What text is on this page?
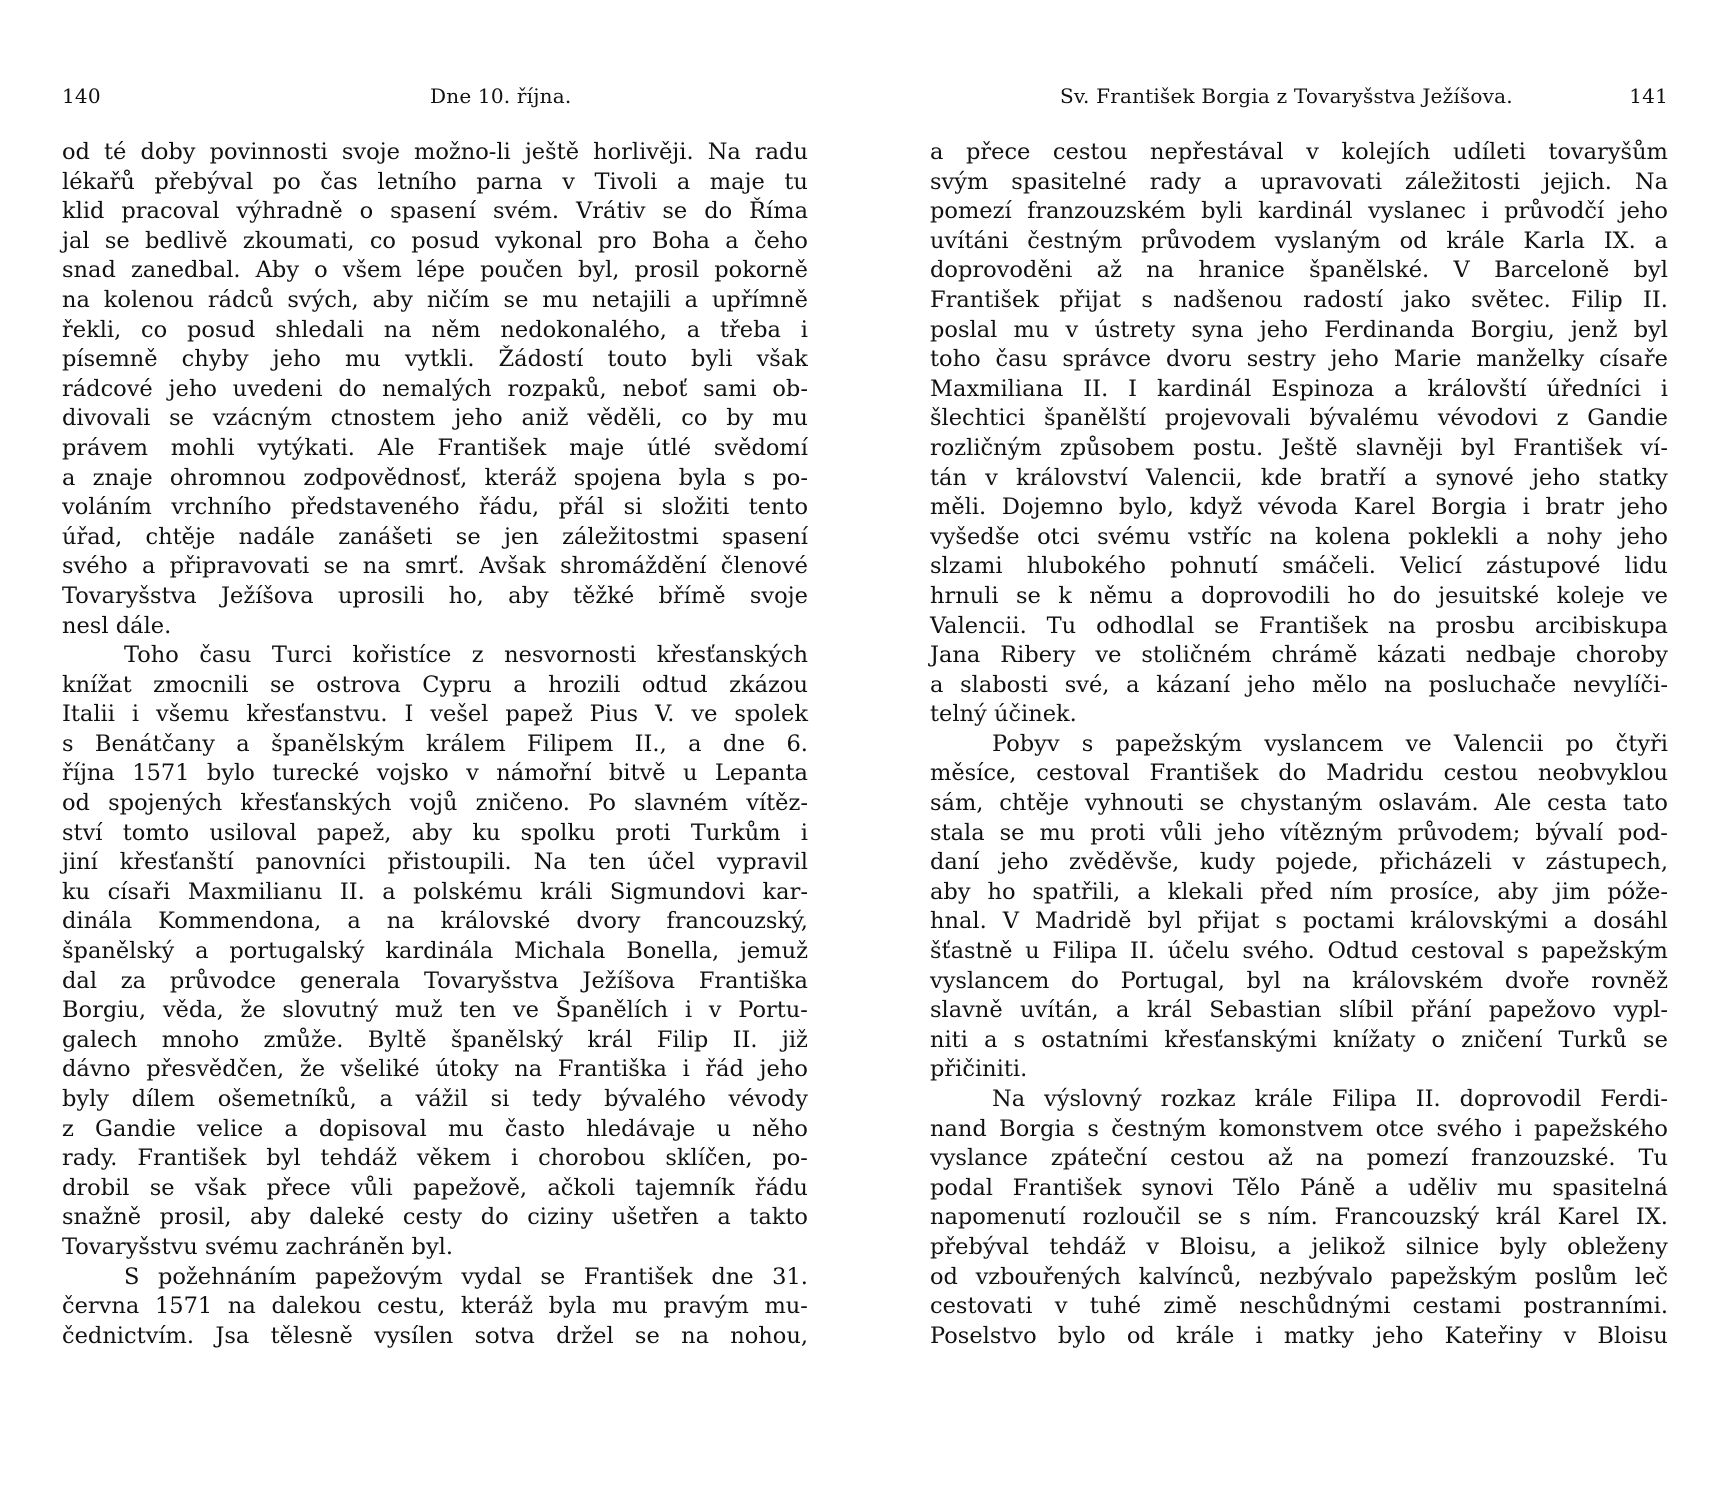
140	Dne 10. října.
od té doby povinnosti svoje možno-li ještě horlivěji. Na radu
lékařů přebýval po čas letního parna v Tivoli a maje tu
klid pracoval výhradně o spasení svém. Vrátiv se do Říma
jal se bedlivě zkoumati, co posud vykonal pro Boha a čeho
snad zanedbal. Aby o všem lépe poučen byl, prosil pokorně
na kolenou rádců svých, aby ničím se mu netajili a upřímně
řekli, co posud shledali na něm nedokonalého, a třeba i
písemně chyby jeho mu vytkli. Žádostí touto byli však
rádcové jeho uvedeni do nemalých rozpaků, neboť sami ob-
divovali se vzácným ctnostem jeho aniž věděli, co by mu
právem mohli vytýkati. Ale František maje útlé svědomí
a znaje ohromnou zodpovědnosť, kteráž spojena byla s po-
voláním vrchního představeného řádu, přál si složiti tento
úřad, chtěje nadále zanášeti se jen záležitostmi spasení
svého a připravovati se na smrť. Avšak shromáždění členové
Tovaryšstva Ježíšova uprosili ho, aby těžké břímě svoje
nesl dále.
Toho času Turci kořistíce z nesvornosti křesťanských
knížat zmocnili se ostrova Cypru a hrozili odtud zkázou
Italii i všemu křesťanstvu. I vešel papež Pius V. ve spolek
s Benátčany a španělským králem Filipem II., a dne 6.
října 1571 bylo turecké vojsko v námořní bitvě u Lepanta
od spojených křesťanských vojů zničeno. Po slavném vítěz-
ství tomto usiloval papež, aby ku spolku proti Turkům i
jiní křesťanští panovníci přistoupili. Na ten účel vypravil
ku císaři Maxmilianu II. a polskému králi Sigmundovi kar-
dinála Kommendona, a na královské dvory francouzský,
španělský a portugalský kardinála Michala Bonella, jemuž
dal za průvodce generala Tovaryšstva Ježíšova Františka
Borgiu, věda, že slovutný muž ten ve Španělích i v Portu-
galech mnoho zmůže. Byltě španělský král Filip II. již
dávno přesvědčen, že všeliké útoky na Františka i řád jeho
byly dílem ošemetníků, a vážil si tedy bývalého vévody
z Gandie velice a dopisoval mu často hledávaje u něho
rady. František byl tehdáž věkem i chorobou sklíčen, po-
drobil se však přece vůli papežově, ačkoli tajemník řádu
snažně prosil, aby daleké cesty do ciziny ušetřen a takto
Tovaryšstvu svému zachráněn byl.
S požehnáním papežovým vydal se František dne 31.
června 1571 na dalekou cestu, kteráž byla mu pravým mu-
čednictvím. Jsa tělesně vysílen sotva držel se na nohou,
Sv. František Borgia z Tovaryšstva Ježíšova.	141
a přece cestou nepřestával v kolejích udíleti tovaryšům
svým spasitelné rady a upravovati záležitosti jejich. Na
pomezí franzouzském byli kardinál vyslanec i průvodčí jeho
uvítáni čestným průvodem vyslaným od krále Karla IX. a
doprovoděni až na hranice španělské. V Barceloně byl
František přijat s nadšenou radostí jako světec. Filip II.
poslal mu v ústrety syna jeho Ferdinanda Borgiu, jenž byl
toho času správce dvoru sestry jeho Marie manželky císaře
Maxmiliana II. I kardinál Espinoza a královští úředníci i
šlechtici španělští projevovali bývalému vévodovi z Gandie
rozličným způsobem postu. Ještě slavněji byl František ví-
tán v království Valencii, kde bratří a synové jeho statky
měli. Dojemno bylo, když vévoda Karel Borgia i bratr jeho
vyšedše otci svému vstříc na kolena poklekli a nohy jeho
slzami hlubokého pohnutí smáčeli. Velicí zástupové lidu
hrnuli se k němu a doprovodili ho do jesuitské koleje ve
Valencii. Tu odhodlal se František na prosbu arcibiskupa
Jana Ribery ve stoličném chrámě kázati nedbaje choroby
a slabosti své, a kázaní jeho mělo na posluchače nevylíči-
telný účinek.
Pobyv s papežským vyslancem ve Valencii po čtyři
měsíce, cestoval František do Madridu cestou neobvyklou
sám, chtěje vyhnouti se chystaným oslavám. Ale cesta tato
stala se mu proti vůli jeho vítězným průvodem; bývalí pod-
daní jeho zvěděvše, kudy pojede, přicházeli v zástupech,
aby ho spatřili, a klekali před ním prosíce, aby jim póže-
hnal. V Madridě byl přijat s poctami královskými a dosáhl
šťastně u Filipa II. účelu svého. Odtud cestoval s papežským
vyslancem do Portugal, byl na královském dvoře rovněž
slavně uvítán, a král Sebastian slíbil přání papežovo vypl-
niti a s ostatními křesťanskými knížaty o zničení Turků se
přičiniti.
Na výslovný rozkaz krále Filipa II. doprovodil Ferdi-
nand Borgia s čestným komonstvem otce svého i papežského
vyslance zpáteční cestou až na pomezí franzouzské. Tu
podal František synovi Tělo Páně a uděliv mu spasitelná
napomenutí rozloučil se s ním. Francouzský král Karel IX.
přebýval tehdáž v Bloisu, a jelikož silnice byly obleženy
od vzbouřených kalvínců, nezbývalo papežským poslům leč
cestovati v tuhé zimě neschůdnými cestami postranními.
Poselstvo bylo od krále i matky jeho Kateřiny v Bloisu
